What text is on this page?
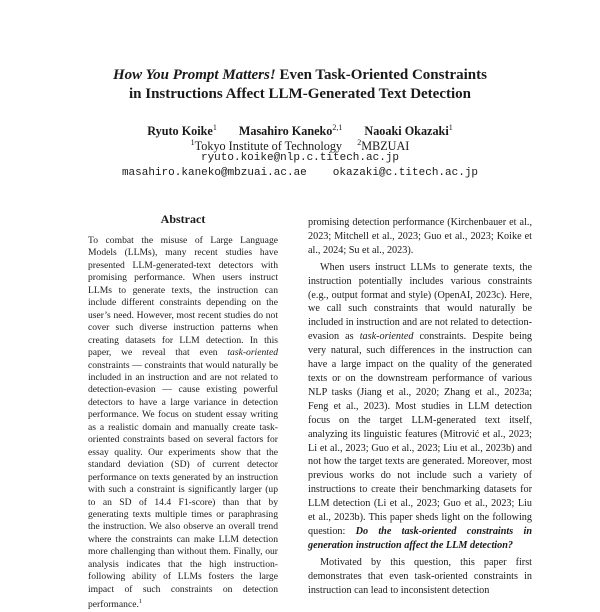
How You Prompt Matters! Even Task-Oriented Constraints
in Instructions Affect LLM-Generated Text Detection
Ryuto Koike$^1$ Masahiro Kaneko$^{2,1}$ Naoaki Okazaki$^1$
$^1$Tokyo Institute of Technology $^2$MBZUAI
ryuto.koike@nlp.c.titech.ac.jp
masahiro.kaneko@mbzuai.ac.ae okazaki@c.titech.ac.jp
Abstract

To combat the misuse of Large Language Models (LLMs), many recent studies have presented LLM-generated-text detectors with promising performance. When users instruct LLMs to generate texts, the instruction can include different constraints depending on the user’s need. However, most recent studies do not cover such diverse instruction patterns when creating datasets for LLM detection. In this paper, we reveal that even task-oriented constraints — constraints that would naturally be included in an instruction and are not related to detection-evasion — cause existing powerful detectors to have a large variance in detection performance. We focus on student essay writing as a realistic domain and manually create task-oriented constraints based on several factors for essay quality. Our experiments show that the standard deviation (SD) of current detector performance on texts generated by an instruction with such a constraint is significantly larger (up to an SD of 14.4 F1-score) than that by generating texts multiple times or paraphrasing the instruction. We also observe an overall trend where the constraints can make LLM detection more challenging than without them. Finally, our analysis indicates that the high instruction-following ability of LLMs fosters the large impact of such constraints on detection performance.$^1$

promising detection performance (Kirchenbauer et al., 2023; Mitchell et al., 2023; Guo et al., 2023; Koike et al., 2024; Su et al., 2023).

When users instruct LLMs to generate texts, the instruction potentially includes various constraints (e.g., output format and style) (OpenAI, 2023c). Here, we call such constraints that would naturally be included in instruction and are not related to detection-evasion as task-oriented constraints. Despite being very natural, such differences in the instruction can have a large impact on the quality of the generated texts or on the downstream performance of various NLP tasks (Jiang et al., 2020; Zhang et al., 2023a; Feng et al., 2023). Most studies in LLM detection focus on the target LLM-generated text itself, analyzing its linguistic features (Mitrović et al., 2023; Li et al., 2023; Guo et al., 2023; Liu et al., 2023b) and not how the target texts are generated. Moreover, most previous works do not include such a variety of instructions to create their benchmarking datasets for LLM detection (Li et al., 2023; Guo et al., 2023; Liu et al., 2023b). This paper sheds light on the following question: Do the task-oriented constraints in generation instruction affect the LLM detection?

Motivated by this question, this paper first demonstrates that even task-oriented constraints in instruction can lead to inconsistent detection
